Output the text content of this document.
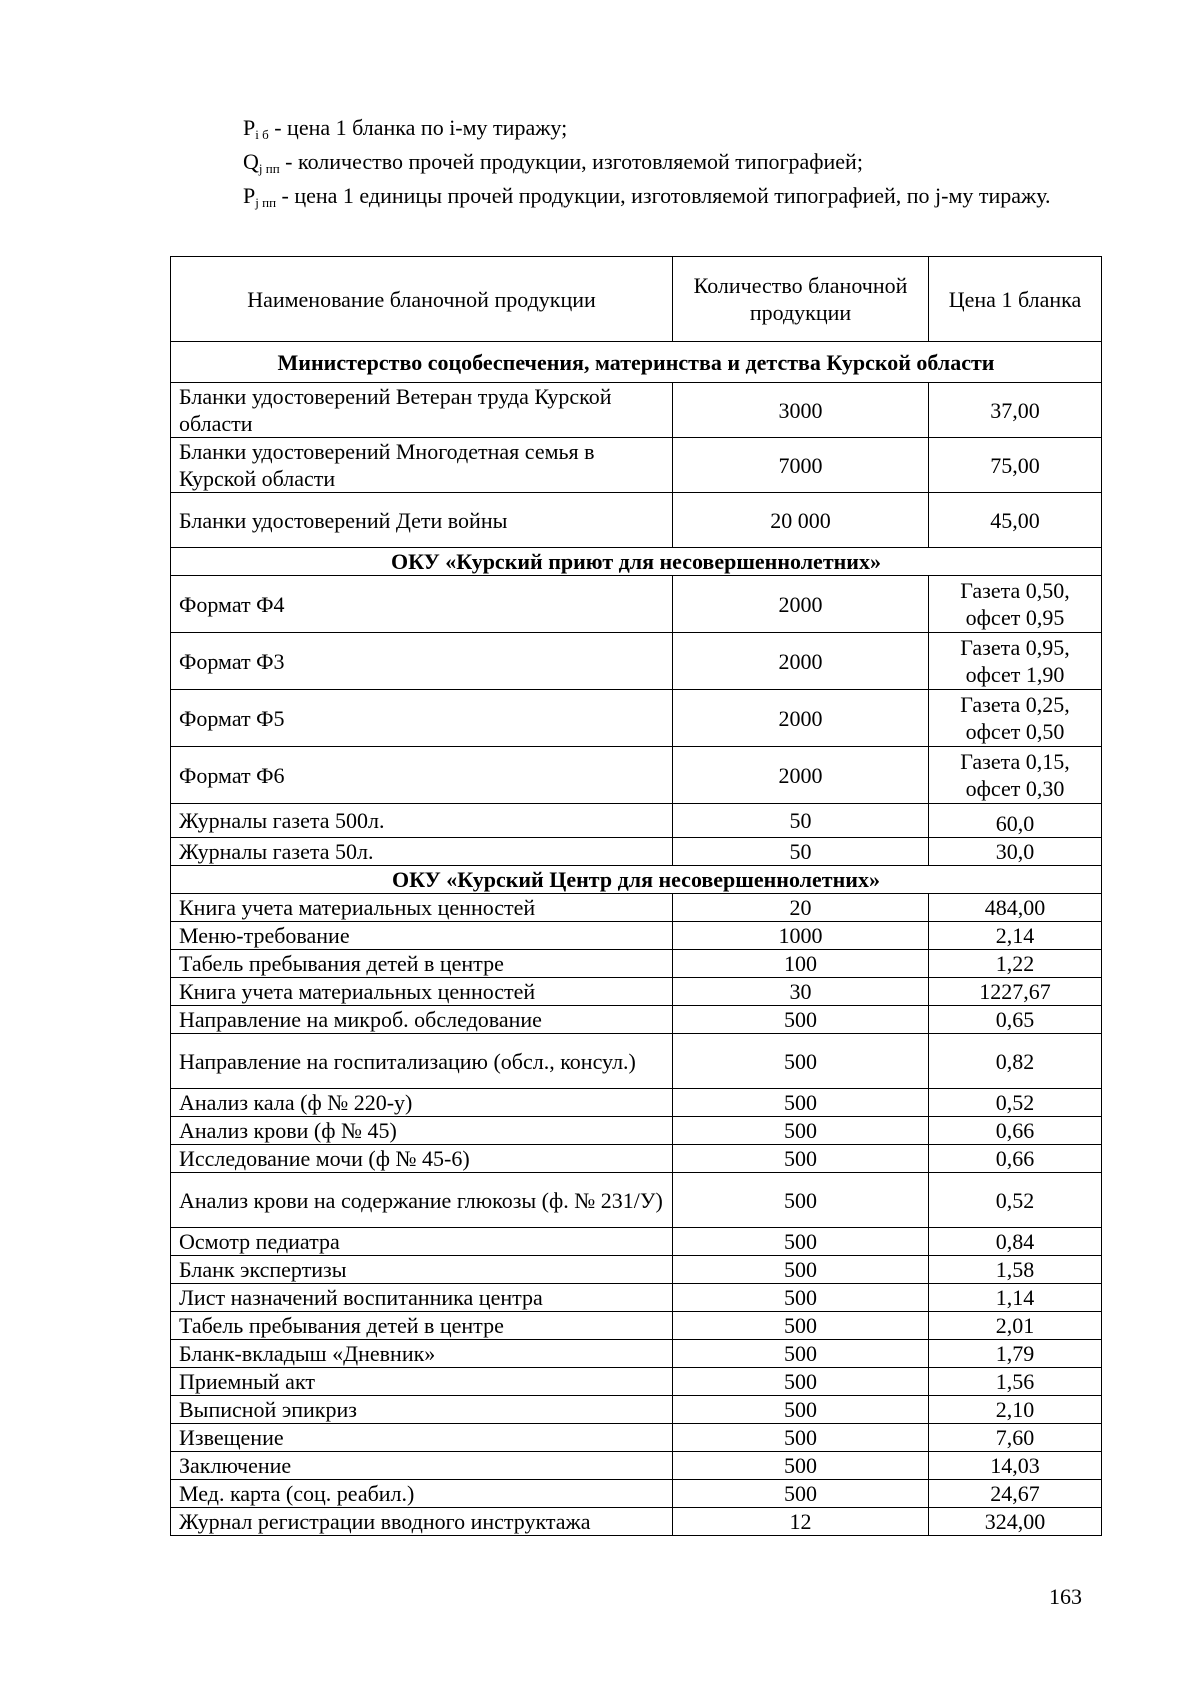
$P_{i б}$ - цена 1 бланка по i-му тиражу;

$Q_{j пп}$ - количество прочей продукции, изготовляемой типографией;

$P_{j пп}$ - цена 1 единицы прочей продукции, изготовляемой типографией, по j-му тиражу.

Наименование бланочной продукции	Количество бланочной продукции	Цена 1 бланка
Министерство соцобеспечения, материнства и детства Курской области		
Бланки удостоверений Ветеран труда Курской области	3000	37,00
Бланки удостоверений Многодетная семья в Курской области	7000	75,00
Бланки удостоверений Дети войны	20 000	45,00
ОКУ «Курский приют для несовершеннолетних»		
Формат Ф4	2000	Газета 0,50,
офсет 0,95
Формат Ф3	2000	Газета 0,95,
офсет 1,90
Формат Ф5	2000	Газета 0,25,
офсет 0,50
Формат Ф6	2000	Газета 0,15,
офсет 0,30
Журналы газета 500л.	50	60,0
Журналы газета 50л.	50	30,0
ОКУ «Курский Центр для несовершеннолетних»		
Книга учета материальных ценностей	20	484,00
Меню-требование	1000	2,14
Табель пребывания детей в центре	100	1,22
Книга учета материальных ценностей	30	1227,67
Направление на микроб. обследование	500	0,65
Направление на госпитализацию (обсл., консул.)	500	0,82
Анализ кала (ф № 220-у)	500	0,52
Анализ крови (ф № 45)	500	0,66
Исследование мочи (ф № 45-6)	500	0,66
Анализ крови на содержание глюкозы (ф. № 231/У)	500	0,52
Осмотр педиатра	500	0,84
Бланк экспертизы	500	1,58
Лист назначений воспитанника центра	500	1,14
Табель пребывания детей в центре	500	2,01
Бланк-вкладыш «Дневник»	500	1,79
Приемный акт	500	1,56
Выписной эпикриз	500	2,10
Извещение	500	7,60
Заключение	500	14,03
Мед. карта (соц. реабил.)	500	24,67
Журнал регистрации вводного инструктажа	12	324,00
163
